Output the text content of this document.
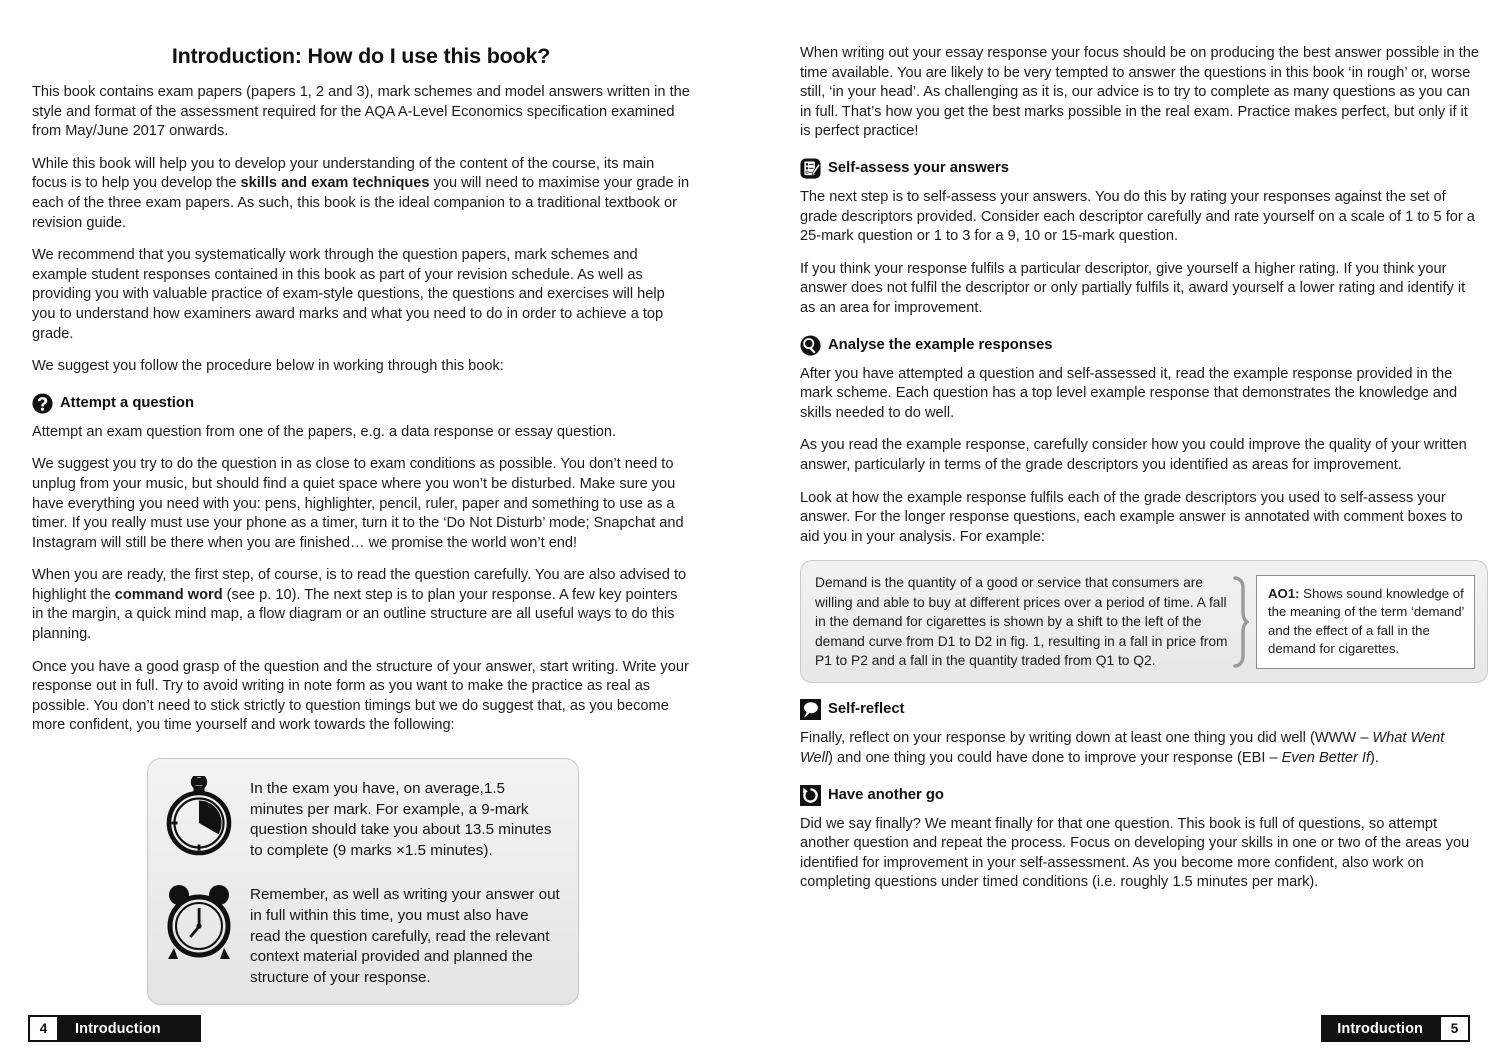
Introduction: How do I use this book?

This book contains exam papers (papers 1, 2 and 3), mark schemes and model answers written in the style and format of the assessment required for the AQA A-Level Economics specification examined from May/June 2017 onwards.

While this book will help you to develop your understanding of the content of the course, its main focus is to help you develop the skills and exam techniques you will need to maximise your grade in each of the three exam papers. As such, this book is the ideal companion to a traditional textbook or revision guide.

We recommend that you systematically work through the question papers, mark schemes and example student responses contained in this book as part of your revision schedule. As well as providing you with valuable practice of exam-style questions, the questions and exercises will help you to understand how examiners award marks and what you need to do in order to achieve a top grade.

We suggest you follow the procedure below in working through this book:

Attempt a question

Attempt an exam question from one of the papers, e.g. a data response or essay question.

We suggest you try to do the question in as close to exam conditions as possible. You don’t need to unplug from your music, but should find a quiet space where you won’t be disturbed. Make sure you have everything you need with you: pens, highlighter, pencil, ruler, paper and something to use as a timer. If you really must use your phone as a timer, turn it to the ‘Do Not Disturb’ mode; Snapchat and Instagram will still be there when you are finished… we promise the world won’t end!

When you are ready, the first step, of course, is to read the question carefully. You are also advised to highlight the command word (see p. 10). The next step is to plan your response. A few key pointers in the margin, a quick mind map, a flow diagram or an outline structure are all useful ways to do this planning.

Once you have a good grasp of the question and the structure of your answer, start writing. Write your response out in full. Try to avoid writing in note form as you want to make the practice as real as possible. You don’t need to stick strictly to question timings but we do suggest that, as you become more confident, you time yourself and work towards the following:

In the exam you have, on average,1.5 minutes per mark. For example, a 9-mark question should take you about 13.5 minutes to complete (9 marks ×1.5 minutes).
Remember, as well as writing your answer out in full within this time, you must also have read the question carefully, read the relevant context material provided and planned the structure of your response.
4	Introduction

When writing out your essay response your focus should be on producing the best answer possible in the time available. You are likely to be very tempted to answer the questions in this book ‘in rough’ or, worse still, ‘in your head’. As challenging as it is, our advice is to try to complete as many questions as you can in full. That’s how you get the best marks possible in the real exam. Practice makes perfect, but only if it is perfect practice!

Self-assess your answers

The next step is to self-assess your answers. You do this by rating your responses against the set of grade descriptors provided. Consider each descriptor carefully and rate yourself on a scale of 1 to 5 for a 25-mark question or 1 to 3 for a 9, 10 or 15-mark question.

If you think your response fulfils a particular descriptor, give yourself a higher rating. If you think your answer does not fulfil the descriptor or only partially fulfils it, award yourself a lower rating and identify it as an area for improvement.

Analyse the example responses

After you have attempted a question and self-assessed it, read the example response provided in the mark scheme. Each question has a top level example response that demonstrates the knowledge and skills needed to do well.

As you read the example response, carefully consider how you could improve the quality of your written answer, particularly in terms of the grade descriptors you identified as areas for improvement.

Look at how the example response fulfils each of the grade descriptors you used to self-assess your answer. For the longer response questions, each example answer is annotated with comment boxes to aid you in your analysis. For example:

Demand is the quantity of a good or service that consumers are willing and able to buy at different prices over a period of time. A fall in the demand for cigarettes is shown by a shift to the left of the demand curve from D1 to D2 in fig. 1, resulting in a fall in price from P1 to P2 and a fall in the quantity traded from Q1 to Q2.
AO1: Shows sound knowledge of the meaning of the term ‘demand’ and the effect of a fall in the demand for cigarettes.
Self-reflect

Finally, reflect on your response by writing down at least one thing you did well (WWW – What Went Well) and one thing you could have done to improve your response (EBI – Even Better If).

Have another go

Did we say finally? We meant finally for that one question. This book is full of questions, so attempt another question and repeat the process. Focus on developing your skills in one or two of the areas you identified for improvement in your self-assessment. As you become more confident, also work on completing questions under timed conditions (i.e. roughly 1.5 minutes per mark).

Introduction	5
